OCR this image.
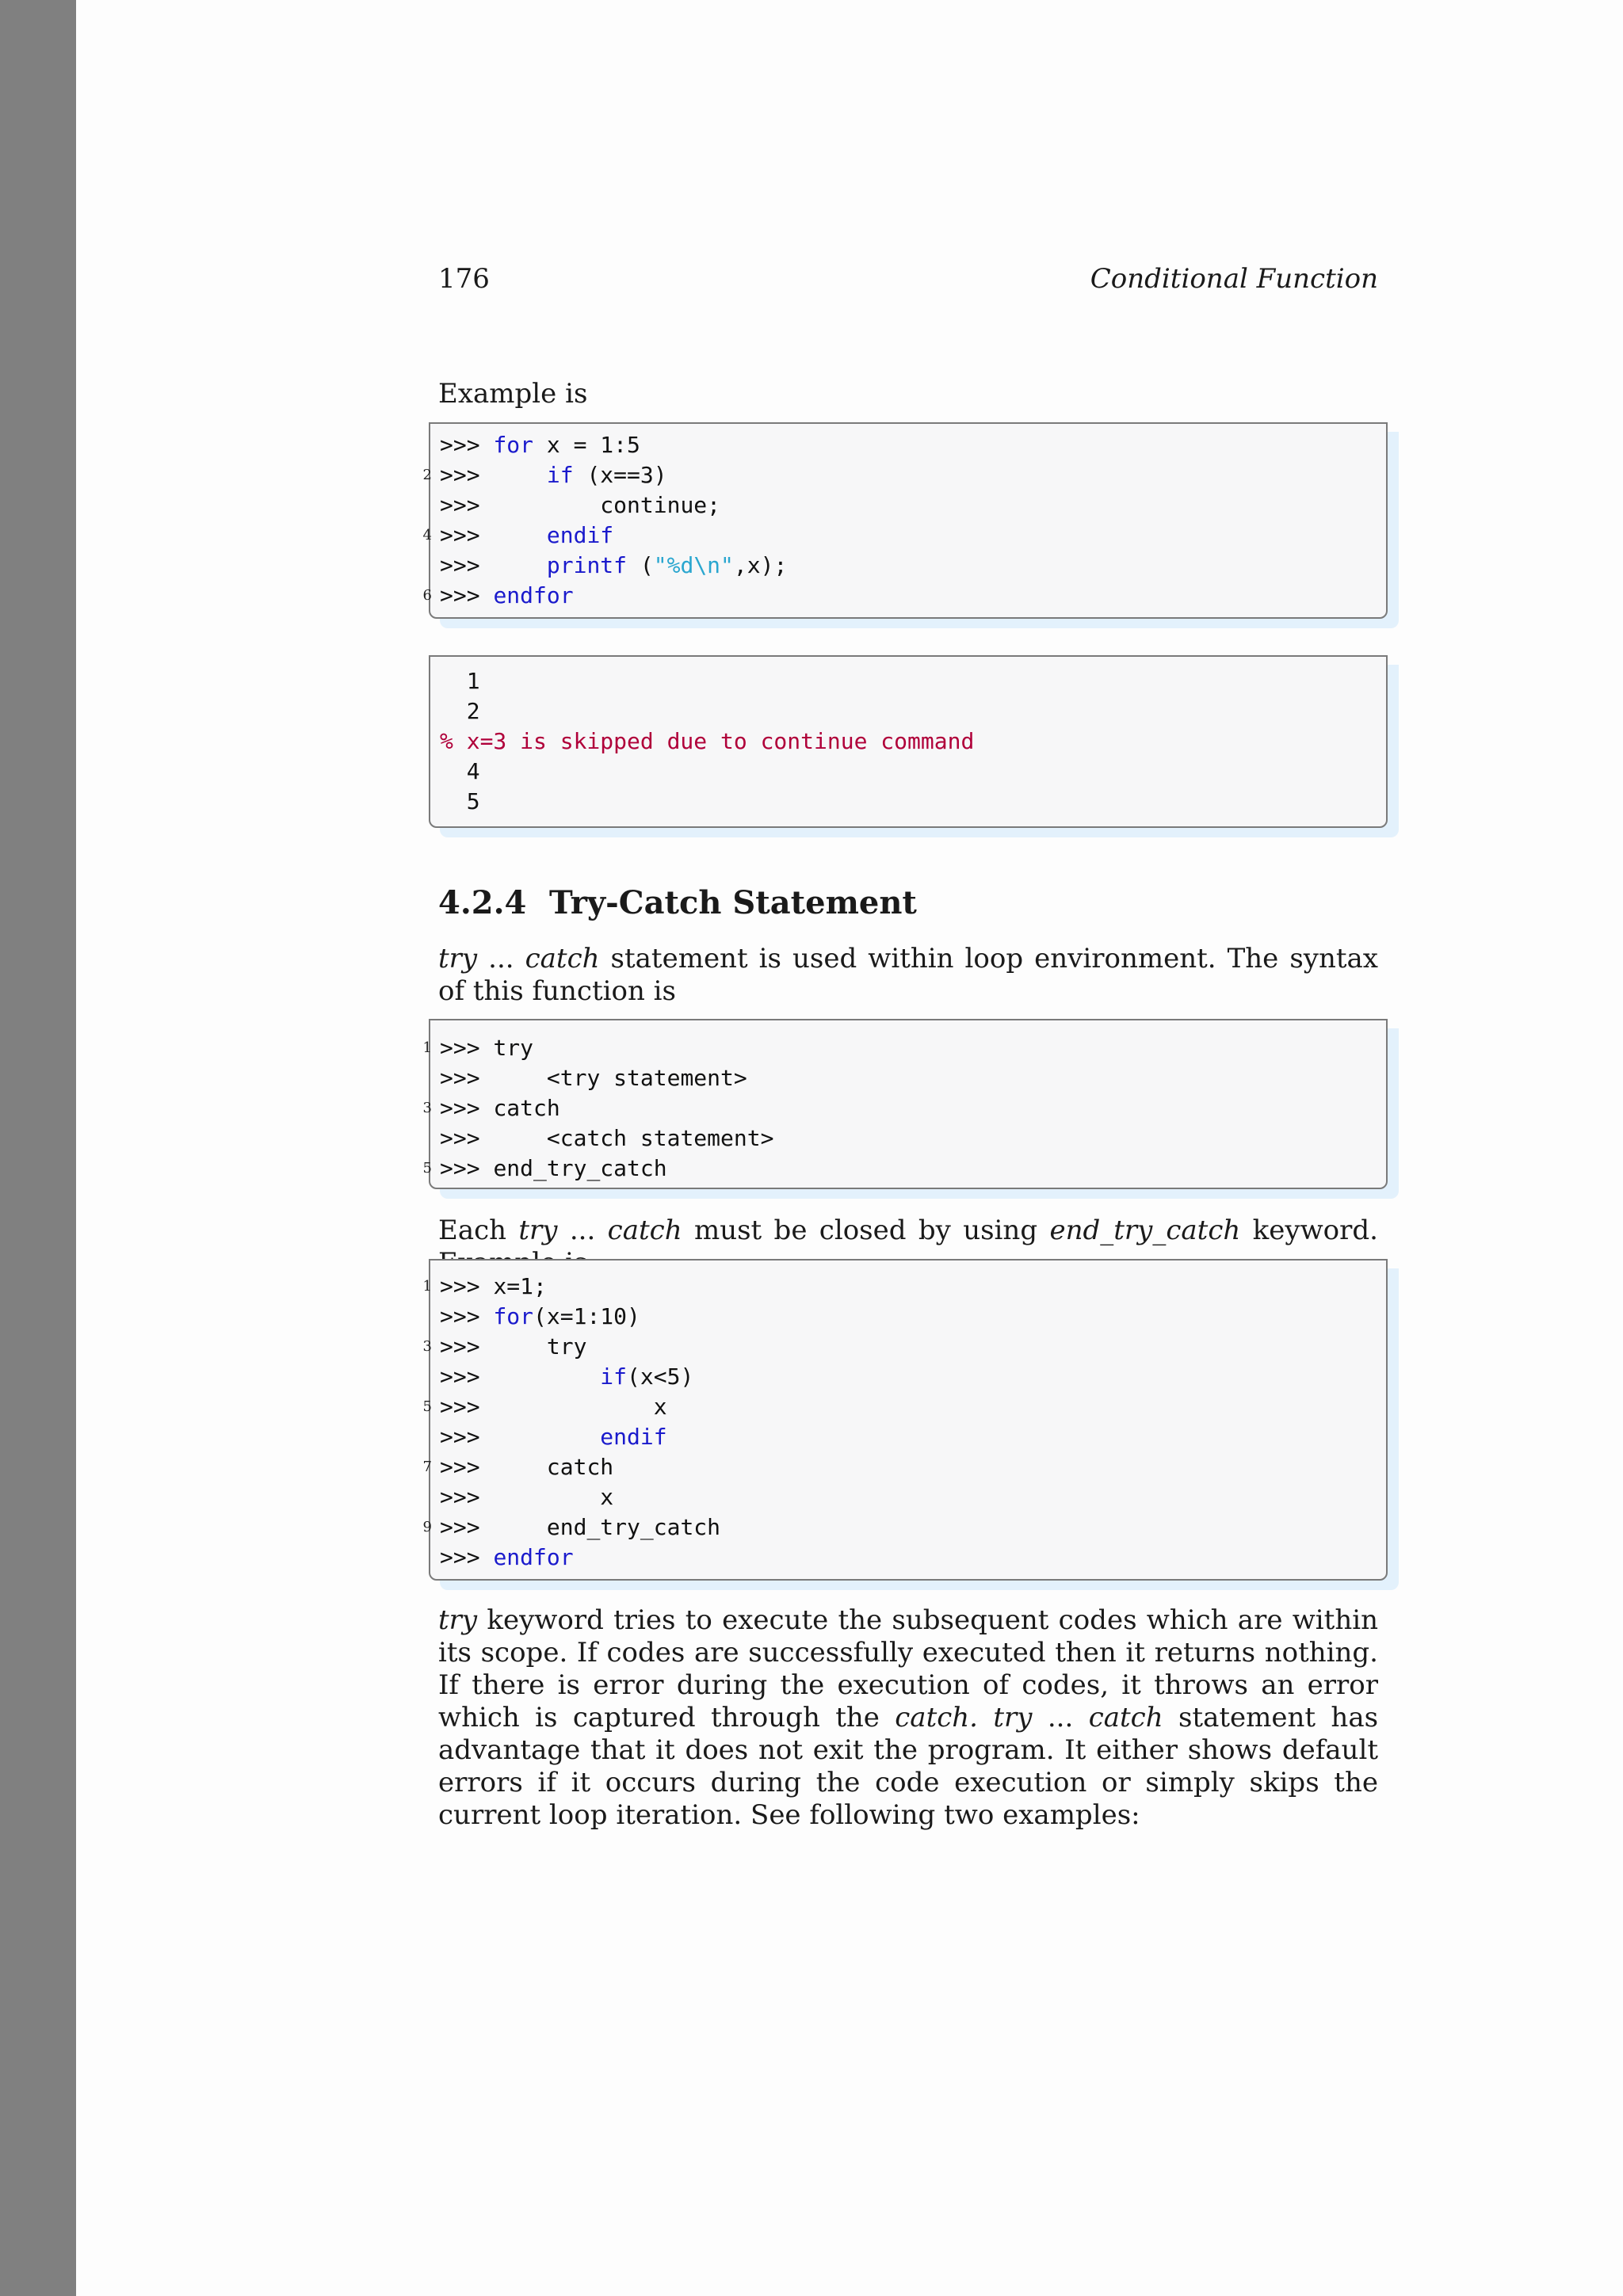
176	Conditional Function

Example is

>>> for x = 1:5
2 >>>	if (x==3)
>>>	continue;
4 >>>	endif
>>>	printf ("%d\n",x);
6 >>> endfor
1
2
% x=3 is skipped due to continue command
4
5
4.2.4 Try-Catch Statement

try ... catch statement is used within loop environment. The syntax of this function is

1 >>> try
>>>	<try statement>
3 >>> catch
>>>	<catch statement>
5 >>> end_try_catch

Each try ... catch must be closed by using end_try_catch keyword.

1 >>> x=1;
>>> for(x=1:10)
3 >>>	try
>>>	if(x<5)
5 >>>	x
>>>	endif
7 >>>	catch
>>>	x
9 >>>	end_try_catch
>>> endfor

try keyword tries to execute the subsequent codes which are within its scope. If codes are successfully executed then it returns nothing. If there is error during the execution of codes, it throws an error which is captured through the catch. try ... catch statement has advantage that it does not exit the program. It either shows default errors if it occurs during the code execution or simply skips the current loop iteration. See following two examples:
